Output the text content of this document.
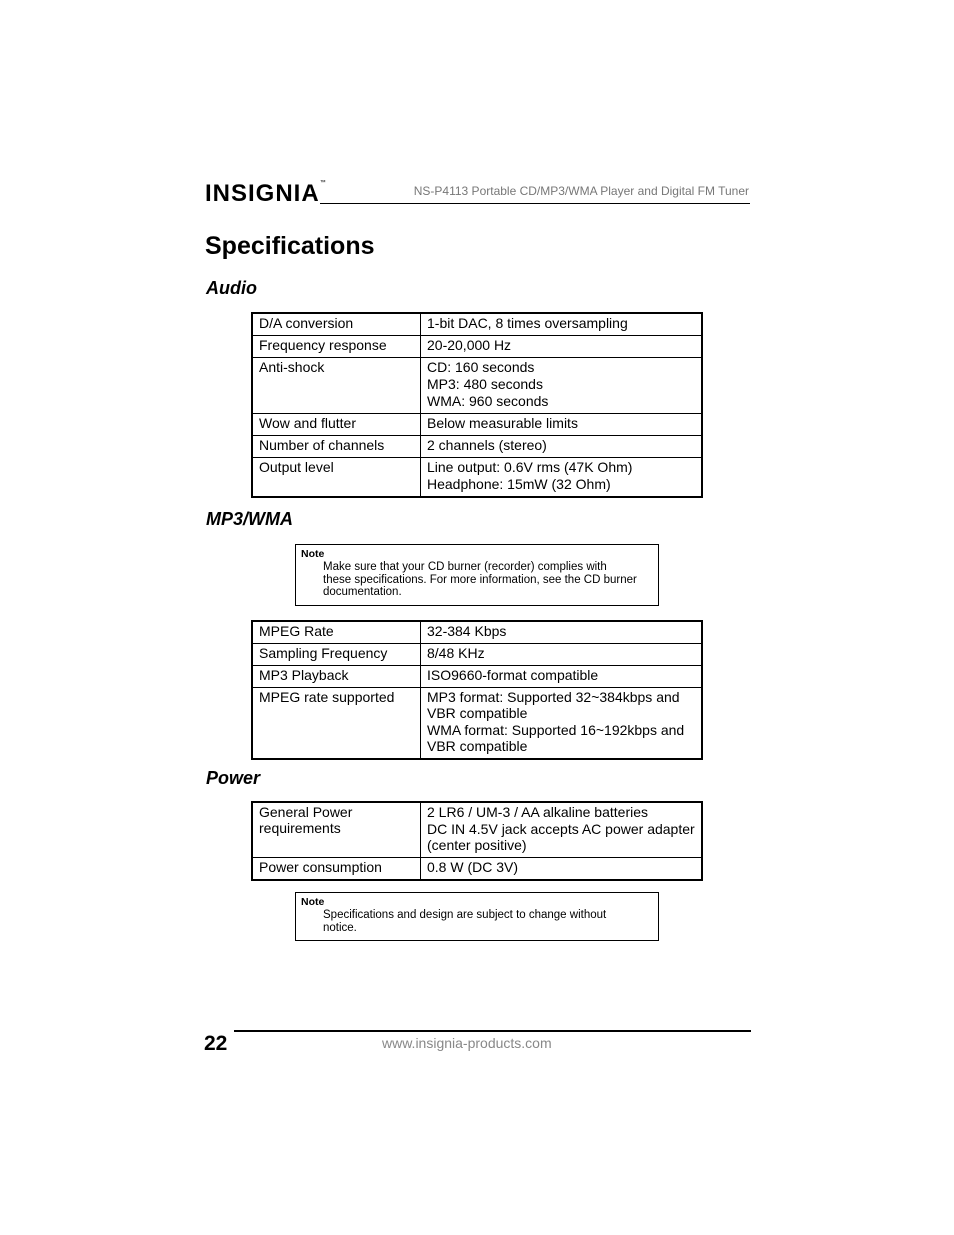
INSIGNIA™
NS-P4113 Portable CD/MP3/WMA Player and Digital FM Tuner
Specifications
Audio
D/A conversion	1-bit DAC, 8 times oversampling

Frequency response	20-20,000 Hz

Anti-shock	CD: 160 seconds
MP3: 480 seconds
WMA: 960 seconds

Wow and flutter	Below measurable limits

Number of channels	2 channels (stereo)

Output level	Line output: 0.6V rms (47K Ohm)
Headphone: 15mW (32 Ohm)
MP3/WMA
Note
Make sure that your CD burner (recorder) complies with these specifications. For more information, see the CD burner documentation.
MPEG Rate	32-384 Kbps

Sampling Frequency	8/48 KHz

MP3 Playback	ISO9660-format compatible

MPEG rate supported	MP3 format: Supported 32~384kbps and VBR compatible
WMA format: Supported 16~192kbps and VBR compatible
Power
General Power requirements	2 LR6 / UM-3 / AA alkaline batteries
DC IN 4.5V jack accepts AC power adapter (center positive)

Power consumption	0.8 W (DC 3V)
Note
Specifications and design are subject to change without notice.
22	www.insignia-products.com
